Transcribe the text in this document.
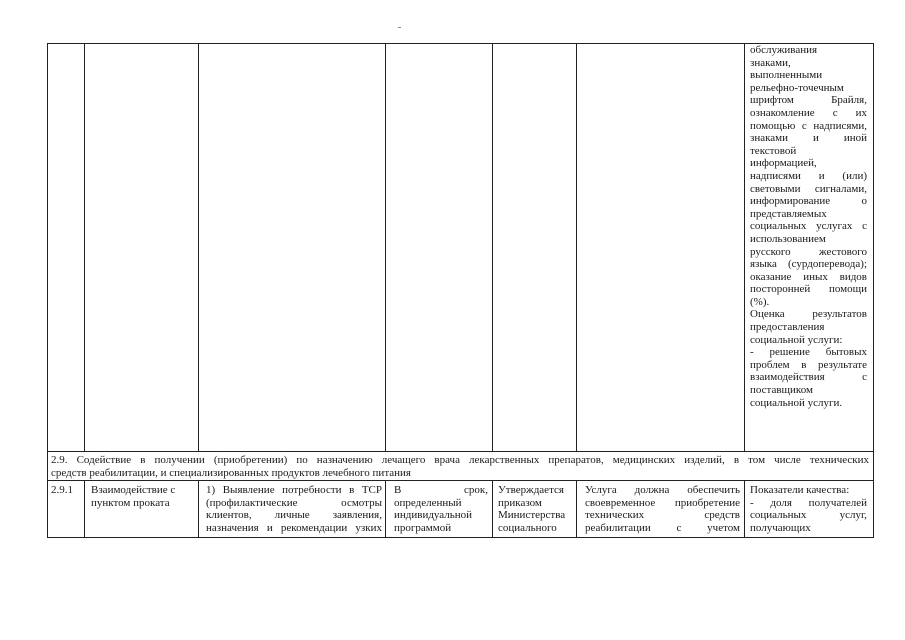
обслуживания
знаками,
выполненными
рельефно-точечным
шрифтом Брайля,
ознакомление с их
помощью с надписями,
знаками и иной
текстовой
информацией,
надписями и (или)
световыми сигналами,
информирование о
представляемых
социальных услугах с
использованием
русского жестового
языка (сурдоперевода);
оказание иных видов
посторонней помощи
(%).
Оценка результатов
предоставления
социальной услуги:
- решение бытовых
проблем в результате
взаимодействия с
поставщиком
социальной услуги.
2.9. Содействие в получении (приобретении) по назначению лечащего врача лекарственных препаратов, медицинских изделий, в том числе технических
средств реабилитации, и специализированных продуктов лечебного питания
2.9.1	Взаимодействие с
пунктом проката
1) Выявление потребности в ТСР
(профилактические осмотры
клиентов, личные заявления,
назначения и рекомендации узких
В срок,
определенный
индивидуальной
программой
Утверждается
приказом
Министерства
социального
Услуга должна обеспечить
своевременное приобретение
технических средств
реабилитации с учетом
Показатели качества:
- доля получателей
социальных услуг,
получающих
